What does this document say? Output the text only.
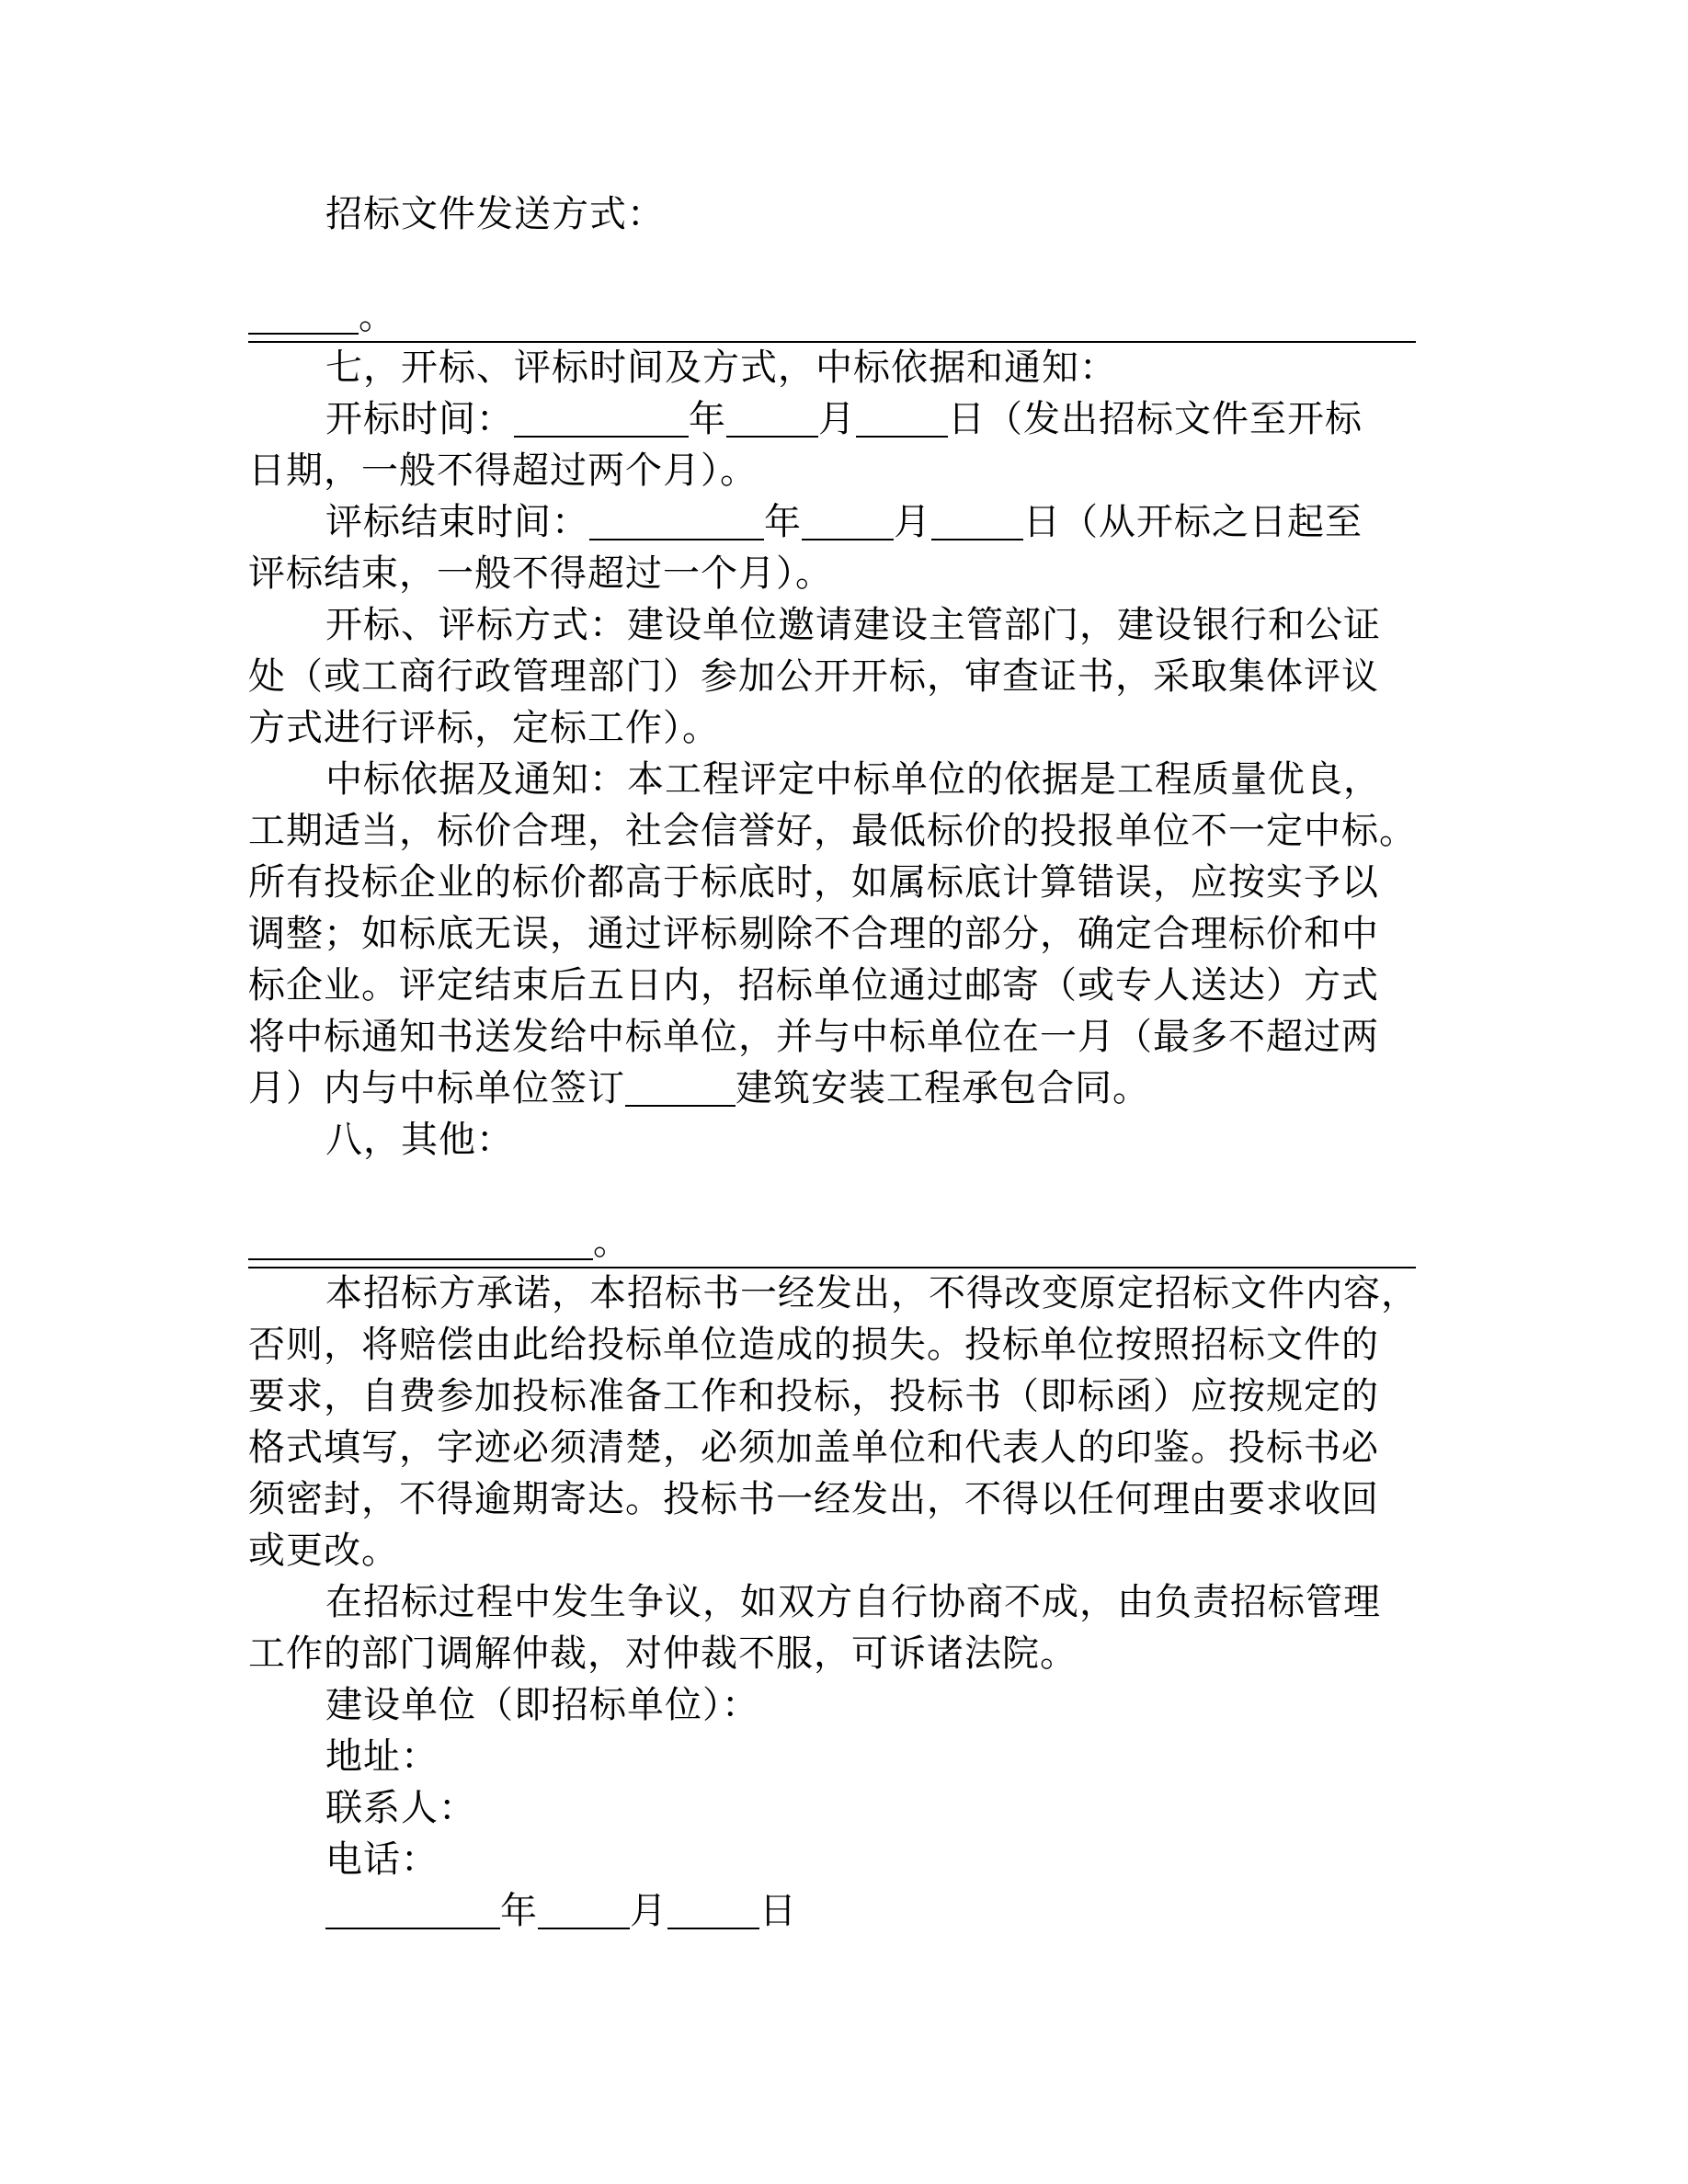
招标文件发送方式：
。
七，开标、评标时间及方式，中标依据和通知：
开标时间：	年	月	日（发出招标文件至开标
日期，一般不得超过两个月）。
评标结束时间：	年	月	日（从开标之日起至
评标结束，一般不得超过一个月）。
开标、评标方式：建设单位邀请建设主管部门，建设银行和公证
处（或工商行政管理部门）参加公开开标，审查证书，采取集体评议
方式进行评标，定标工作）。
中标依据及通知：本工程评定中标单位的依据是工程质量优良，
工期适当，标价合理，社会信誉好，最低标价的投报单位不一定中标。
所有投标企业的标价都高于标底时，如属标底计算错误，应按实予以
调整；如标底无误，通过评标剔除不合理的部分，确定合理标价和中
标企业。评定结束后五日内，招标单位通过邮寄（或专人送达）方式
将中标通知书送发给中标单位，并与中标单位在一月（最多不超过两
月）内与中标单位签订	建筑安装工程承包合同。
八，其他：
。
本招标方承诺，本招标书一经发出，不得改变原定招标文件内容，
否则，将赔偿由此给投标单位造成的损失。投标单位按照招标文件的
要求，自费参加投标准备工作和投标，投标书（即标函）应按规定的
格式填写，字迹必须清楚，必须加盖单位和代表人的印鉴。投标书必
须密封，不得逾期寄达。投标书一经发出，不得以任何理由要求收回
或更改。
在招标过程中发生争议，如双方自行协商不成，由负责招标管理
工作的部门调解仲裁，对仲裁不服，可诉诸法院。
建设单位（即招标单位）：
地址：
联系人：
电话：
年	月	日
